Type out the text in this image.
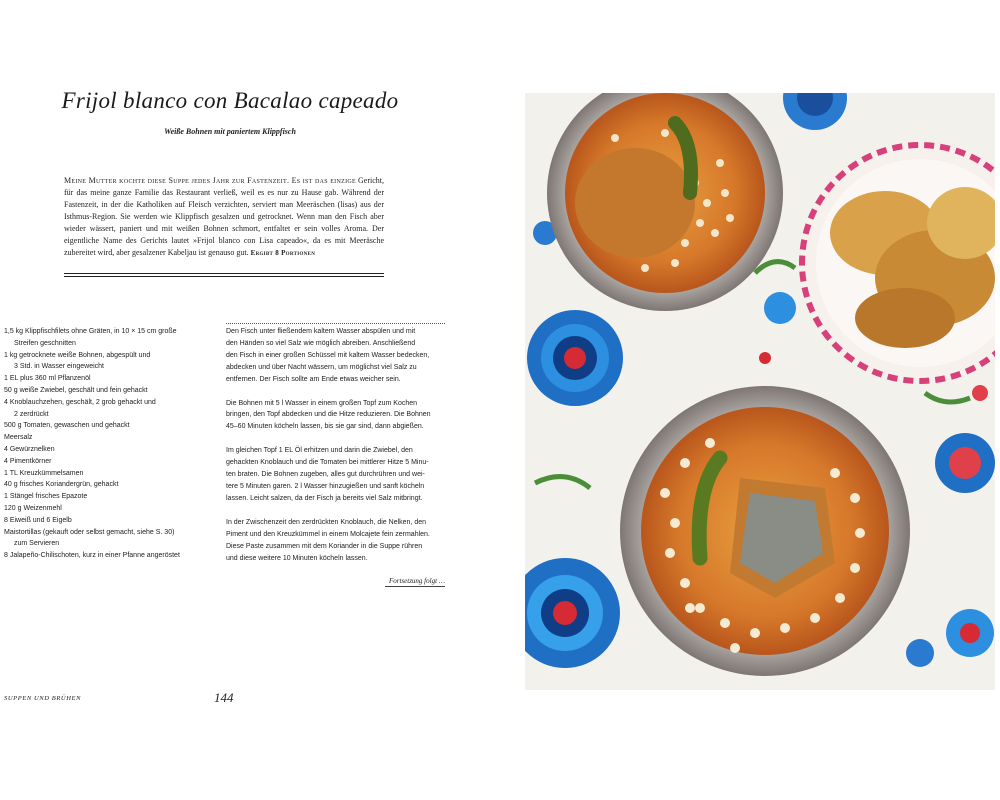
Frijol blanco con Bacalao capeado
Weiße Bohnen mit paniertem Klippfisch
Meine Mutter kochte diese Suppe jedes Jahr zur Fastenzeit. Es ist das einzige Gericht, für das meine ganze Familie das Restaurant verließ, weil es es nur zu Hause gab. Während der Fastenzeit, in der die Katholiken auf Fleisch verzichten, serviert man Meeräschen (lisas) aus der Isthmus-Region. Sie werden wie Klippfisch gesalzen und getrocknet. Wenn man den Fisch aber wieder wässert, paniert und mit weißen Bohnen schmort, entfaltet er sein volles Aroma. Der eigentliche Name des Gerichts lautet »Frijol blanco con Lisa capeado«, da es mit Meeräsche zubereitet wird, aber gesalzener Kabeljau ist genauso gut. Ergibt 8 Portionen
1,5 kg Klippfischfilets ohne Gräten, in 10 × 15 cm große
Streifen geschnitten
1 kg getrocknete weiße Bohnen, abgespült und
3 Std. in Wasser eingeweicht
1 EL plus 360 ml Pflanzenöl
50 g weiße Zwiebel, geschält und fein gehackt
4 Knoblauchzehen, geschält, 2 grob gehackt und
2 zerdrückt
500 g Tomaten, gewaschen und gehackt
Meersalz
4 Gewürznelken
4 Pimentkörner
1 TL Kreuzkümmelsamen
40 g frisches Koriandergrün, gehackt
1 Stängel frisches Epazote
120 g Weizenmehl
8 Eiweiß und 6 Eigelb
Maistortillas (gekauft oder selbst gemacht, siehe S. 30)
zum Servieren
8 Jalapeño-Chilischoten, kurz in einer Pfanne angeröstet

Den Fisch unter fließendem kaltem Wasser abspülen und mit
den Händen so viel Salz wie möglich abreiben. Anschließend
den Fisch in einer großen Schüssel mit kaltem Wasser bedecken,
abdecken und über Nacht wässern, um möglichst viel Salz zu
entfernen. Der Fisch sollte am Ende etwas weicher sein.

Die Bohnen mit 5 l Wasser in einem großen Topf zum Kochen
bringen, den Topf abdecken und die Hitze reduzieren. Die Bohnen
45–60 Minuten köcheln lassen, bis sie gar sind, dann abgießen.

Im gleichen Topf 1 EL Öl erhitzen und darin die Zwiebel, den
gehackten Knoblauch und die Tomaten bei mittlerer Hitze 5 Minu-
ten braten. Die Bohnen zugeben, alles gut durchrühren und wei-
tere 5 Minuten garen. 2 l Wasser hinzugießen und sanft köcheln
lassen. Leicht salzen, da der Fisch ja bereits viel Salz mitbringt.

In der Zwischenzeit den zerdrückten Knoblauch, die Nelken, den
Piment und den Kreuzkümmel in einem Molcajete fein zermahlen.
Diese Paste zusammen mit dem Koriander in die Suppe rühren
und diese weitere 10 Minuten köcheln lassen.

Fortsetzung folgt …
SUPPEN UND BRÜHEN	144
